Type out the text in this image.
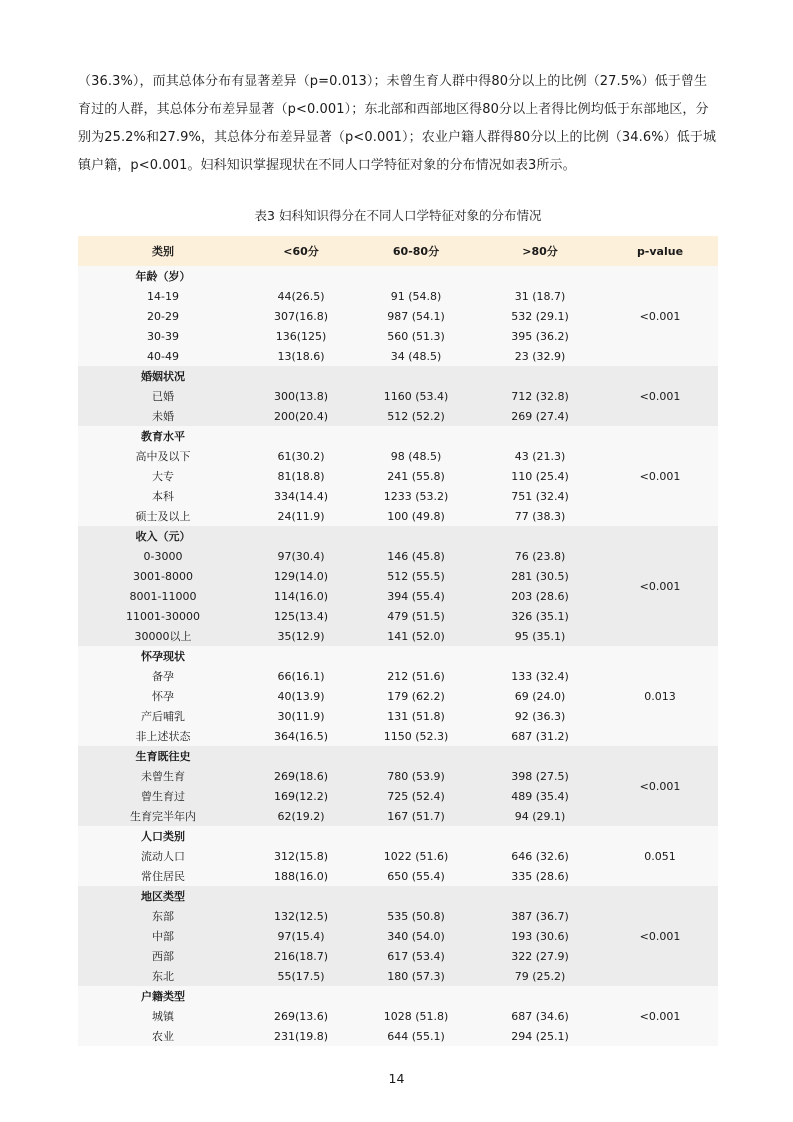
（36.3%），而其总体分布有显著差异（p=0.013）；未曾生育人群中得80分以上的比例（27.5%）低于曾生
育过的人群，其总体分布差异显著（p<0.001）；东北部和西部地区得80分以上者得比例均低于东部地区，分
别为25.2%和27.9%，其总体分布差异显著（p<0.001）；农业户籍人群得80分以上的比例（34.6%）低于城
镇户籍，p<0.001。妇科知识掌握现状在不同人口学特征对象的分布情况如表3所示。
表3 妇科知识得分在不同人口学特征对象的分布情况
类别	<60分	60-80分	>80分	p-value
年龄（岁）				<0.001
14-19	44(26.5)	91 (54.8)	31 (18.7)	
20-29	307(16.8)	987 (54.1)	532 (29.1)	
30-39	136(125)	560 (51.3)	395 (36.2)	
40-49	13(18.6)	34 (48.5)	23 (32.9)	
婚姻状况				<0.001
已婚	300(13.8)	1160 (53.4)	712 (32.8)	
未婚	200(20.4)	512 (52.2)	269 (27.4)	
教育水平				<0.001
高中及以下	61(30.2)	98 (48.5)	43 (21.3)	
大专	81(18.8)	241 (55.8)	110 (25.4)	
本科	334(14.4)	1233 (53.2)	751 (32.4)	
硕士及以上	24(11.9)	100 (49.8)	77 (38.3)	
收入（元）				<0.001
0-3000	97(30.4)	146 (45.8)	76 (23.8)	
3001-8000	129(14.0)	512 (55.5)	281 (30.5)	
8001-11000	114(16.0)	394 (55.4)	203 (28.6)	
11001-30000	125(13.4)	479 (51.5)	326 (35.1)	
30000以上	35(12.9)	141 (52.0)	95 (35.1)	
怀孕现状				0.013
备孕	66(16.1)	212 (51.6)	133 (32.4)	
怀孕	40(13.9)	179 (62.2)	69 (24.0)	
产后哺乳	30(11.9)	131 (51.8)	92 (36.3)	
非上述状态	364(16.5)	1150 (52.3)	687 (31.2)	
生育既往史				<0.001
未曾生育	269(18.6)	780 (53.9)	398 (27.5)	
曾生育过	169(12.2)	725 (52.4)	489 (35.4)	
生育完半年内	62(19.2)	167 (51.7)	94 (29.1)	
人口类别				0.051
流动人口	312(15.8)	1022 (51.6)	646 (32.6)	
常住居民	188(16.0)	650 (55.4)	335 (28.6)	
地区类型				<0.001
东部	132(12.5)	535 (50.8)	387 (36.7)	
中部	97(15.4)	340 (54.0)	193 (30.6)	
西部	216(18.7)	617 (53.4)	322 (27.9)	
东北	55(17.5)	180 (57.3)	79 (25.2)	
户籍类型				<0.001
城镇	269(13.6)	1028 (51.8)	687 (34.6)	
农业	231(19.8)	644 (55.1)	294 (25.1)	
14
